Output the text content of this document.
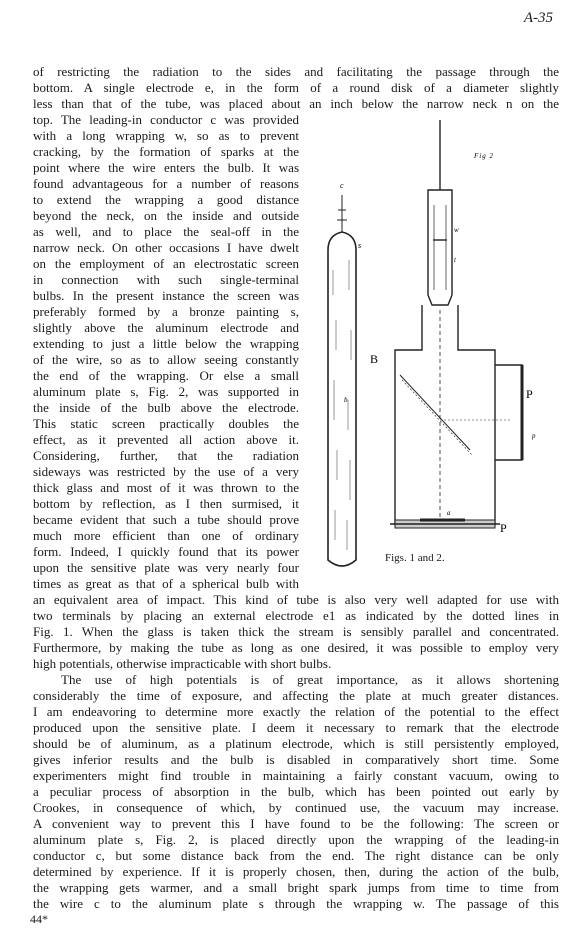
A-35
of restricting the radiation to the sides and facilitating the passage through the
bottom. A single electrode e, in the form of a round disk of a diameter slightly
less than that of the tube, was placed about an inch below the narrow neck n on the
top. The leading-in conductor c was provided
with a long wrapping w, so as to prevent
cracking, by the formation of sparks at the
point where the wire enters the bulb. It was
found advantageous for a number of reasons
to extend the wrapping a good distance
beyond the neck, on the inside and outside
as well, and to place the seal-off in the
narrow neck. On other occasions I have dwelt
on the employment of an electrostatic screen
in connection with such single-terminal
bulbs. In the present instance the screen was
preferably formed by a bronze painting s,
slightly above the aluminum electrode and
extending to just a little below the wrapping
of the wire, so as to allow seeing constantly
the end of the wrapping. Or else a small
aluminum plate s, Fig. 2, was supported in
the inside of the bulb above the electrode.
This static screen practically doubles the
effect, as it prevented all action above it.
Considering, further, that the radiation
sideways was restricted by the use of a very
thick glass and most of it was thrown to the
bottom by reflection, as I then surmised, it
became evident that such a tube should prove
much more efficient than one of ordinary
form. Indeed, I quickly found that its power
upon the sensitive plate was very nearly four
times as great as that of a spherical bulb with
an equivalent area of impact. This kind of tube is also very well adapted for use with
two terminals by placing an external electrode e1 as indicated by the dotted lines in
Fig. 1. When the glass is taken thick the stream is sensibly parallel and concentrated.
Furthermore, by making the tube as long as one desired, it was possible to employ very
high potentials, otherwise impracticable with short bulbs.
The use of high potentials is of great importance, as it allows shortening
considerably the time of exposure, and affecting the plate at much greater distances.
I am endeavoring to determine more exactly the relation of the potential to the effect
produced upon the sensitive plate. I deem it necessary to remark that the electrode
should be of aluminum, as a platinum electrode, which is still persistently employed,
gives inferior results and the bulb is disabled in comparatively short time. Some
experimenters might find trouble in maintaining a fairly constant vacuum, owing to
a peculiar process of absorption in the bulb, which has been pointed out early by
Crookes, in consequence of which, by continued use, the vacuum may increase.
A convenient way to prevent this I have found to be the following: The screen or
aluminum plate s, Fig. 2, is placed directly upon the wrapping of the leading-in
conductor c, but some distance back from the end. The right distance can be only
determined by experience. If it is properly chosen, then, during the action of the bulb,
the wrapping gets warmer, and a small bright spark jumps from time to time from
the wire c to the aluminum plate s through the wrapping w. The passage of this
c
s
b
Fig 2
w
t
B
P
p
a
P
Figs. 1 and 2.
44*
